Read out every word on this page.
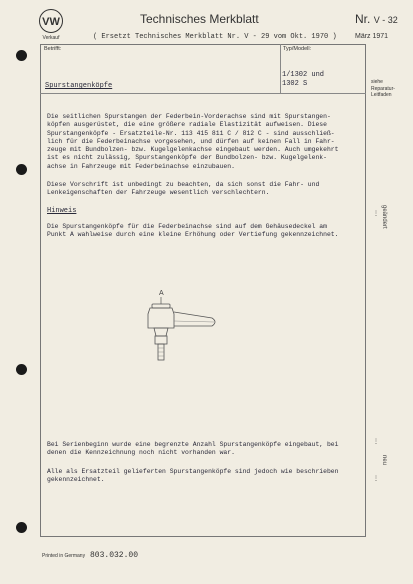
VW
Verkauf
Technisches Merkblatt	Nr. V - 32
( Ersetzt Technisches Merkblatt Nr. V - 29 vom Okt. 1970 )	März 1971
Betrifft:	Typ/Modell:
Spurstangenköpfe
1/1302 und
1302 S	siehe
Reparatur-
Leitfaden
Die seitlichen Spurstangen der Federbein-Vorderachse sind mit Spurstangen-
köpfen ausgerüstet, die eine größere radiale Elastizität aufweisen. Diese
Spurstangenköpfe - Ersatzteile-Nr. 113 415 811 C / 812 C - sind ausschließ-
lich für die Federbeinachse vorgesehen, und dürfen auf keinen Fall in Fahr-
zeuge mit Bundbolzen- bzw. Kugelgelenkachse eingebaut werden. Auch umgekehrt
ist es nicht zulässig, Spurstangenköpfe der Bundbolzen- bzw. Kugelgelenk-
achse in Fahrzeuge mit Federbeinachse einzubauen.
Diese Vorschrift ist unbedingt zu beachten, da sich sonst die Fahr- und
Lenkeigenschaften der Fahrzeuge wesentlich verschlechtern.
Hinweis
Die Spurstangenköpfe für die Federbeinachse sind auf dem Gehäusedeckel am
Punkt A wahlweise durch eine kleine Erhöhung oder Vertiefung gekennzeichnet.
⋮ geändert
A
Bei Serienbeginn wurde eine begrenzte Anzahl Spurstangenköpfe eingebaut, bei
denen die Kennzeichnung noch nicht vorhanden war.
Alle als Ersatzteil gelieferten Spurstangenköpfe sind jedoch wie beschrieben
gekennzeichnet.
⋮
neu
⋮
Printed in Germany 803.032.00
